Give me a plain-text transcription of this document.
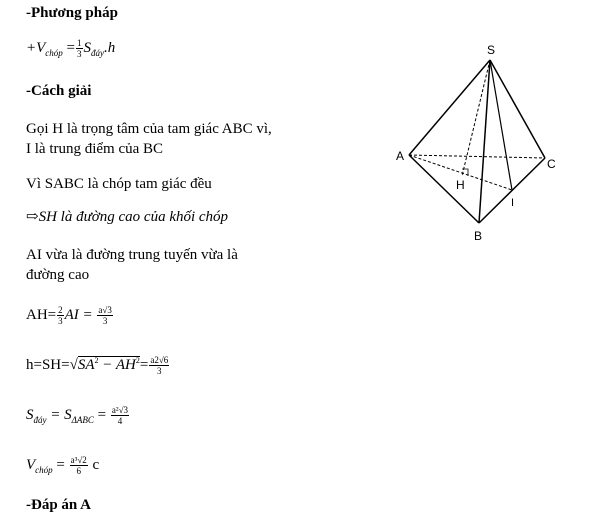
-Phương pháp
$+V_{chóp} = \frac{1}{3} S_{đáy}.h$
-Cách giải
Gọi H là trọng tâm của tam giác ABC vì,
I là trung điểm của BC
Vì SABC là chóp tam giác đều
⇨SH là đường cao của khối chóp
AI vừa là đường trung tuyến vừa là
đường cao
$AH= \frac{2}{3}$ AI = $\frac{a√3}{3}$
$h=SH=√SA^2 - AH^2= \frac{a2√6}{3}$
$S_{đáy} = S_{\Delta ABC} = \frac{\text{a²√3}}{4}$
$V_{chóp} = \frac{\text{a³√2}}{6}$ c
-Đáp án A
S
A
B
C
H
I
